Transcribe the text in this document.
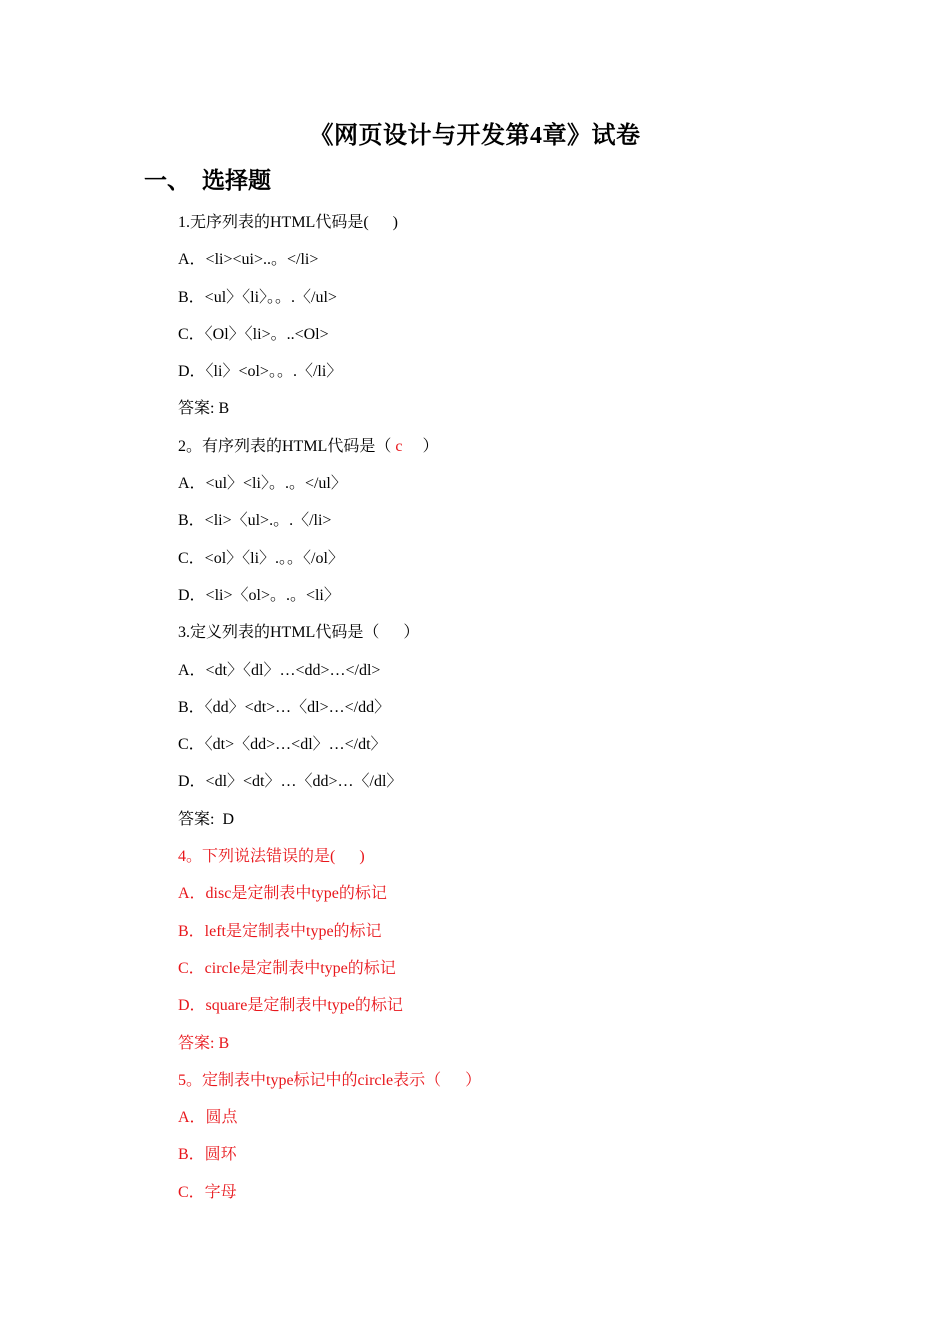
《网页设计与开发第4章》试卷
一、 选择题
1.无序列表的HTML代码是(      )
A．<li><ui>..。</li>
B．<ul〉〈li〉。。.〈/ul>
C．〈Ol〉〈li>。..<Ol>
D．〈li〉<ol>。。.〈/li〉
答案: B
2。有序列表的HTML代码是（ c     ）
A．<ul〉<li〉。.。</ul〉
B．<li>〈ul>.。.〈/li>
C．<ol〉〈li〉.。。〈/ol〉
D．<li>〈ol>。.。<li〉
3.定义列表的HTML代码是（      ）
A．<dt〉〈dl〉…<dd>…</dl>
B．〈dd〉<dt>…〈dl>…</dd〉
C．〈dt>〈dd>…<dl〉…</dt〉
D．<dl〉<dt〉…〈dd>…〈/dl〉
答案:  D
4。下列说法错误的是(      )
A．disc是定制表中type的标记
B．left是定制表中type的标记
C．circle是定制表中type的标记
D．square是定制表中type的标记
答案: B
5。定制表中type标记中的circle表示（      ）
A．圆点
B．圆环
C．字母
